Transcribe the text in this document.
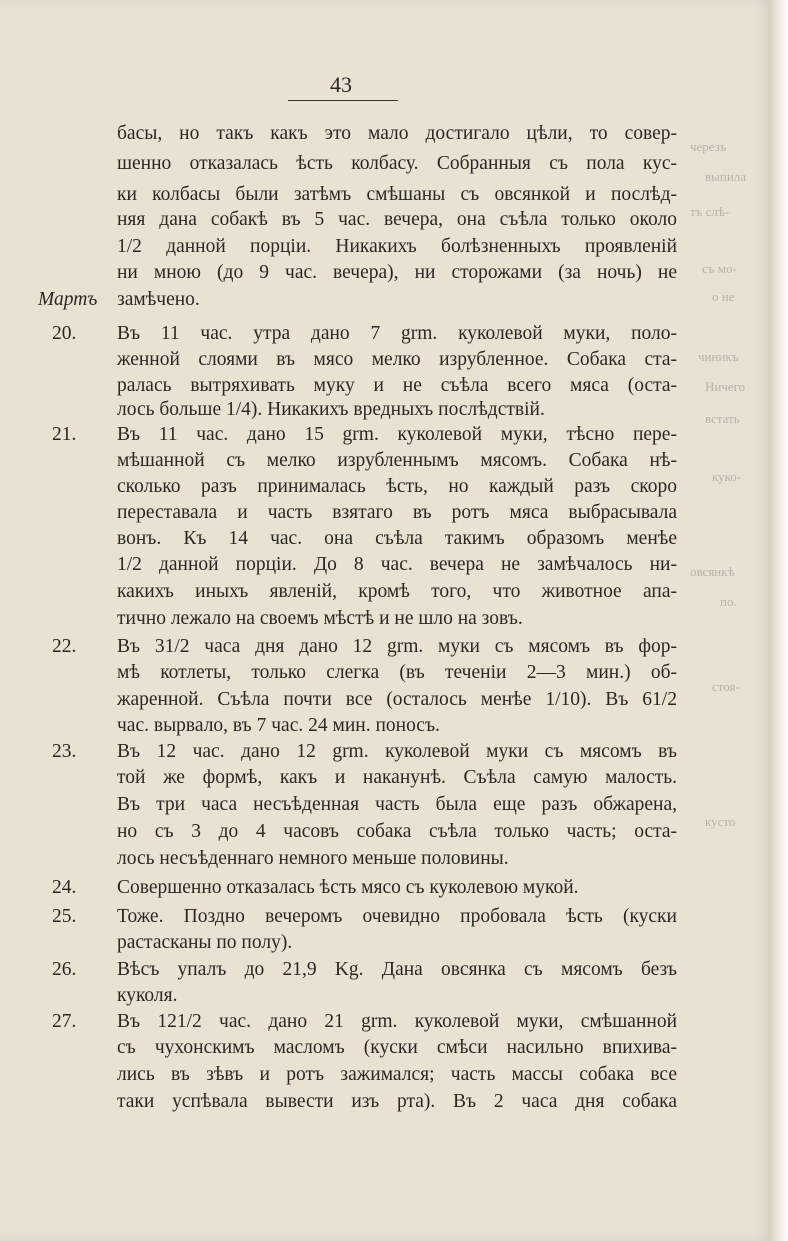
43
черезъ
выпила
тъ слѣ-
съ мо-
о не
чиникъ
Ничего
встать
куко-
овсянкѣ
по.
стоя-
кусто
Мартъ
20.
21.
22.
23.
24.
25.
26.
27.
басы, но такъ какъ это мало достигало цѣли, то совер-
шенно отказалась ѣсть колбасу. Собранныя съ пола кус-
ки колбасы были затѣмъ смѣшаны съ овсянкой и послѣд-
няя дана собакѣ въ 5 час. вечера, она съѣла только около
1/2 данной порціи. Никакихъ болѣзненныхъ проявленій
ни мною (до 9 час. вечера), ни сторожами (за ночь) не
замѣчено.
Въ 11 час. утра дано 7 grm. куколевой муки, поло-
женной слоями въ мясо мелко изрубленное. Собака ста-
ралась вытряхивать муку и не съѣла всего мяса (оста-
лось больше 1/4). Никакихъ вредныхъ послѣдствій.
Въ 11 час. дано 15 grm. куколевой муки, тѣсно пере-
мѣшанной съ мелко изрубленнымъ мясомъ. Собака нѣ-
сколько разъ принималась ѣсть, но каждый разъ скоро
переставала и часть взятаго въ ротъ мяса выбрасывала
вонъ. Къ 14 час. она съѣла такимъ образомъ менѣе
1/2 данной порціи. До 8 час. вечера не замѣчалось ни-
какихъ иныхъ явленій, кромѣ того, что животное апа-
тично лежало на своемъ мѣстѣ и не шло на зовъ.
Въ 31/2 часа дня дано 12 grm. муки съ мясомъ въ фор-
мѣ котлеты, только слегка (въ теченіи 2—3 мин.) об-
жаренной. Съѣла почти все (осталось менѣе 1/10). Въ 61/2
час. вырвало, въ 7 час. 24 мин. поносъ.
Въ 12 час. дано 12 grm. куколевой муки съ мясомъ въ
той же формѣ, какъ и наканунѣ. Съѣла самую малость.
Въ три часа несъѣденная часть была еще разъ обжарена,
но съ 3 до 4 часовъ собака съѣла только часть; оста-
лось несъѣденнаго немного меньше половины.
Совершенно отказалась ѣсть мясо съ куколевою мукой.
Тоже. Поздно вечеромъ очевидно пробовала ѣсть (куски
растасканы по полу).
Вѣсъ упалъ до 21,9 Kg. Дана овсянка съ мясомъ безъ
куколя.
Въ 121/2 час. дано 21 grm. куколевой муки, смѣшанной
съ чухонскимъ масломъ (куски смѣси насильно впихива-
лись въ зѣвъ и ротъ зажимался; часть массы собака все
таки успѣвала вывести изъ рта). Въ 2 часа дня собака
